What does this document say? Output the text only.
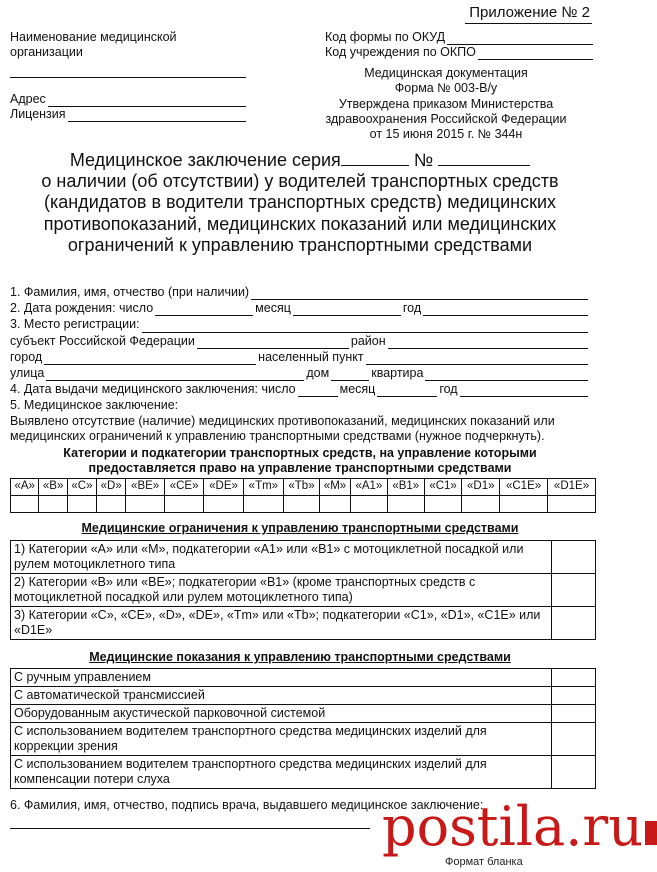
Приложение № 2
Наименование медицинской организации
Адрес
Лицензия
Код формы по ОКУД
Код учреждения по ОКПО
Медицинская документация
Форма № 003-В/у
Утверждена приказом Министерства
здравоохранения Российской Федерации
от 15 июня 2015 г. № 344н
Медицинское заключение серия	№
о наличии (об отсутствии) у водителей транспортных средств (кандидатов в водители транспортных средств) медицинских противопоказаний, медицинских показаний или медицинских ограничений к управлению транспортными средствами
1. Фамилия, имя, отчество (при наличии)
2. Дата рождения: число	месяц	год
3. Место регистрации:
субъект Российской Федерации	район
город	населенный пункт
улица	дом	квартира
4. Дата выдачи медицинского заключения: число	месяц	год
5. Медицинское заключение:
Выявлено отсутствие (наличие) медицинских противопоказаний, медицинских показаний или медицинских ограничений к управлению транспортными средствами (нужное подчеркнуть).
Категории и подкатегории транспортных средств, на управление которыми предоставляется право на управление транспортными средствами
«A»	«B»	«C»	«D»	«BE»	«CE»	«DE»	«Tm»	«Tb»	«M»	«A1»	«B1»	«C1»	«D1»	«C1E»	«D1E»

Медицинские ограничения к управлению транспортными средствами
1) Категории «A» или «M», подкатегории «A1» или «B1» с мотоциклетной посадкой или рулем мотоциклетного типа	
2) Категории «B» или «BE»; подкатегории «B1» (кроме транспортных средств с мотоциклетной посадкой или рулем мотоциклетного типа)	
3) Категории «C», «CE», «D», «DE», «Tm» или «Tb»; подкатегории «C1», «D1», «C1E» или «D1E»	
Медицинские показания к управлению транспортными средствами
С ручным управлением	
С автоматической трансмиссией	
Оборудованным акустической парковочной системой	
С использованием водителем транспортного средства медицинских изделий для коррекции зрения	
С использованием водителем транспортного средства медицинских изделий для компенсации потери слуха	
6. Фамилия, имя, отчество, подпись врача, выдавшего медицинское заключение:
Формат бланка
postila.ru
